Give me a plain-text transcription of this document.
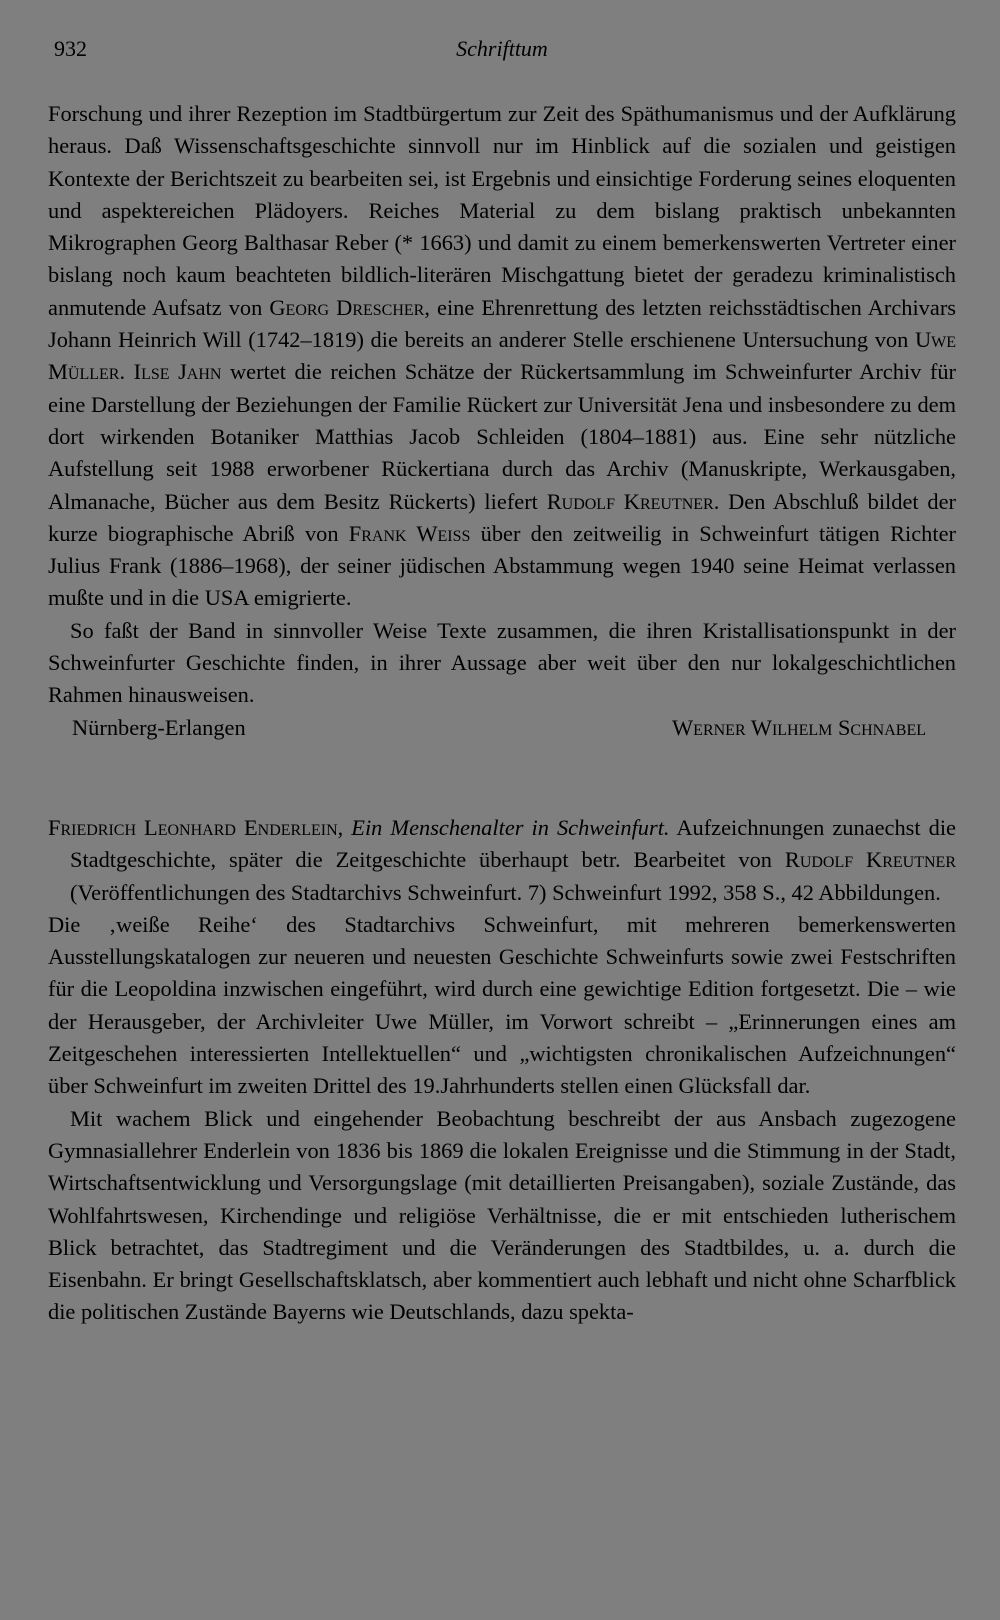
932	Schrifttum

Forschung und ihrer Rezeption im Stadtbürgertum zur Zeit des Späthumanismus und der Aufklärung heraus. Daß Wissenschaftsgeschichte sinnvoll nur im Hinblick auf die sozialen und geistigen Kontexte der Berichtszeit zu bearbeiten sei, ist Ergebnis und einsichtige Forderung seines eloquenten und aspektereichen Plädoyers. Reiches Material zu dem bislang praktisch unbekannten Mikrographen Georg Balthasar Reber (* 1663) und damit zu einem bemerkenswerten Vertreter einer bislang noch kaum beachteten bildlich-literären Mischgattung bietet der geradezu kriminalistisch anmutende Aufsatz von Georg Drescher, eine Ehrenrettung des letzten reichsstädtischen Archivars Johann Heinrich Will (1742–1819) die bereits an anderer Stelle erschienene Untersuchung von Uwe Müller. Ilse Jahn wertet die reichen Schätze der Rückertsammlung im Schweinfurter Archiv für eine Darstellung der Beziehungen der Familie Rückert zur Universität Jena und insbesondere zu dem dort wirkenden Botaniker Matthias Jacob Schleiden (1804–1881) aus. Eine sehr nützliche Aufstellung seit 1988 erworbener Rückertiana durch das Archiv (Manuskripte, Werkausgaben, Almanache, Bücher aus dem Besitz Rückerts) liefert Rudolf Kreutner. Den Abschluß bildet der kurze biographische Abriß von Frank Weiss über den zeitweilig in Schweinfurt tätigen Richter Julius Frank (1886–1968), der seiner jüdischen Abstammung wegen 1940 seine Heimat verlassen mußte und in die USA emigrierte.

So faßt der Band in sinnvoller Weise Texte zusammen, die ihren Kristallisationspunkt in der Schweinfurter Geschichte finden, in ihrer Aussage aber weit über den nur lokalgeschichtlichen Rahmen hinausweisen.

Nürnberg-Erlangen	Werner Wilhelm Schnabel
Friedrich Leonhard Enderlein, Ein Menschenalter in Schweinfurt. Aufzeichnungen zunaechst die Stadtgeschichte, später die Zeitgeschichte überhaupt betr. Bearbeitet von Rudolf Kreutner (Veröffentlichungen des Stadtarchivs Schweinfurt. 7) Schweinfurt 1992, 358 S., 42 Abbildungen.

Die ‚weiße Reihe‘ des Stadtarchivs Schweinfurt, mit mehreren bemerkenswerten Ausstellungskatalogen zur neueren und neuesten Geschichte Schweinfurts sowie zwei Festschriften für die Leopoldina inzwischen eingeführt, wird durch eine gewichtige Edition fortgesetzt. Die – wie der Herausgeber, der Archivleiter Uwe Müller, im Vorwort schreibt – „Erinnerungen eines am Zeitgeschehen interessierten Intellektuellen“ und „wichtigsten chronikalischen Aufzeichnungen“ über Schweinfurt im zweiten Drittel des 19.Jahrhunderts stellen einen Glücksfall dar.

Mit wachem Blick und eingehender Beobachtung beschreibt der aus Ansbach zugezogene Gymnasiallehrer Enderlein von 1836 bis 1869 die lokalen Ereignisse und die Stimmung in der Stadt, Wirtschaftsentwicklung und Versorgungslage (mit detaillierten Preisangaben), soziale Zustände, das Wohlfahrtswesen, Kirchendinge und religiöse Verhältnisse, die er mit entschieden lutherischem Blick betrachtet, das Stadtregiment und die Veränderungen des Stadtbildes, u. a. durch die Eisenbahn. Er bringt Gesellschaftsklatsch, aber kommentiert auch lebhaft und nicht ohne Scharfblick die politischen Zustände Bayerns wie Deutschlands, dazu spekta-
